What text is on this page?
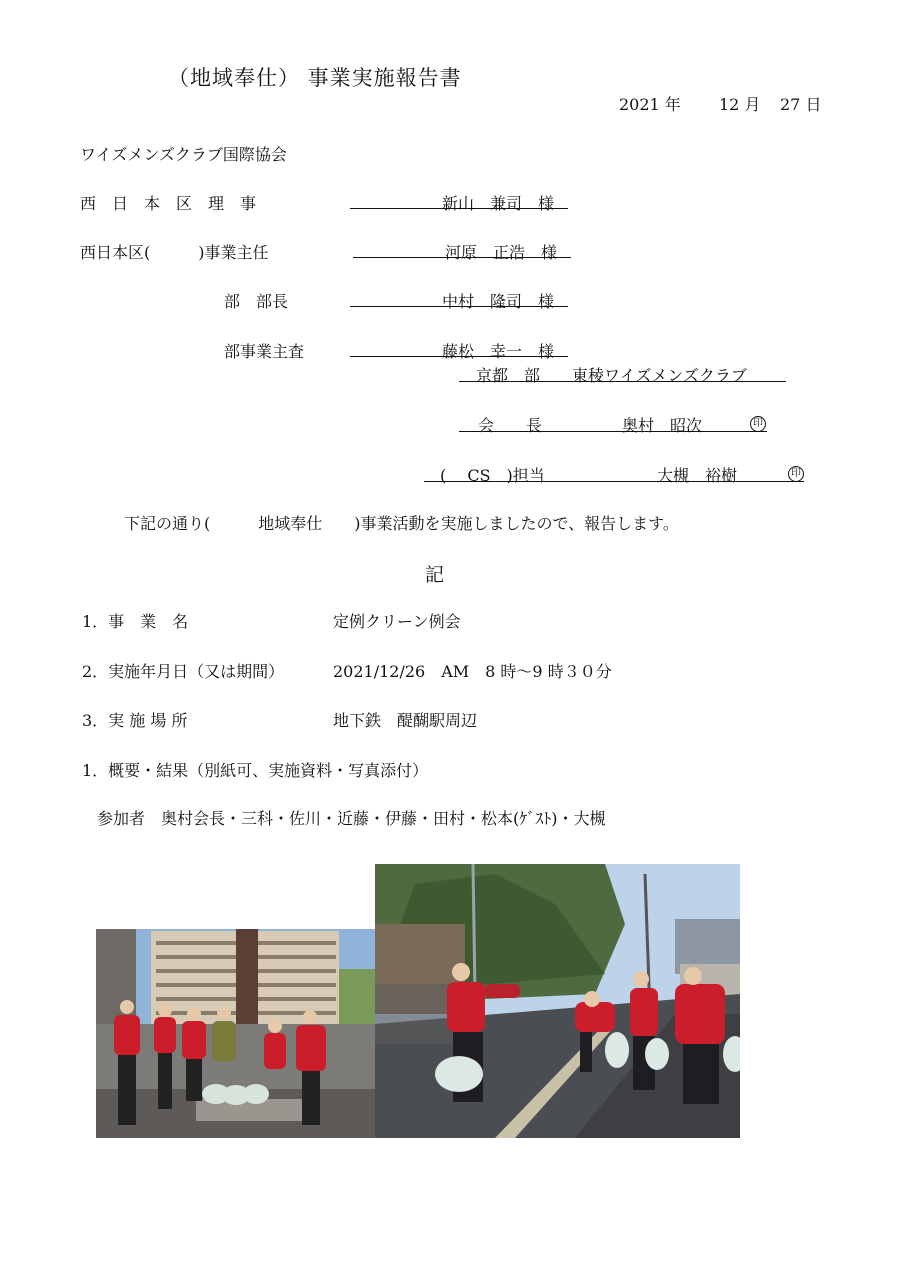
（地域奉仕） 事業実施報告書
2021 年 12 月 27 日
ワイズメンズクラブ国際協会
西　日　本　区　理　事	新山　兼司　様
西日本区(　　　)事業主任	河原　正浩　様
部　部長	中村　隆司　様
部事業主査	藤松　幸一　様
京都　部　　東稜ワイズメンズクラブ
会　　長	奥村　昭次	印
(　 CS　)担当	大槻　裕樹	印
下記の通り(　　　地域奉仕　　)事業活動を実施しましたので、報告します。
記
1．事　業　名	定例クリーン例会
2．実施年月日（又は期間）	2021/12/26　AM　8 時〜9 時３０分
3．実 施 場 所	地下鉄　醍醐駅周辺
1．概要・結果（別紙可、実施資料・写真添付）
参加者　奥村会長・三科・佐川・近藤・伊藤・田村・松本(ｹﾞｽﾄ)・大槻
